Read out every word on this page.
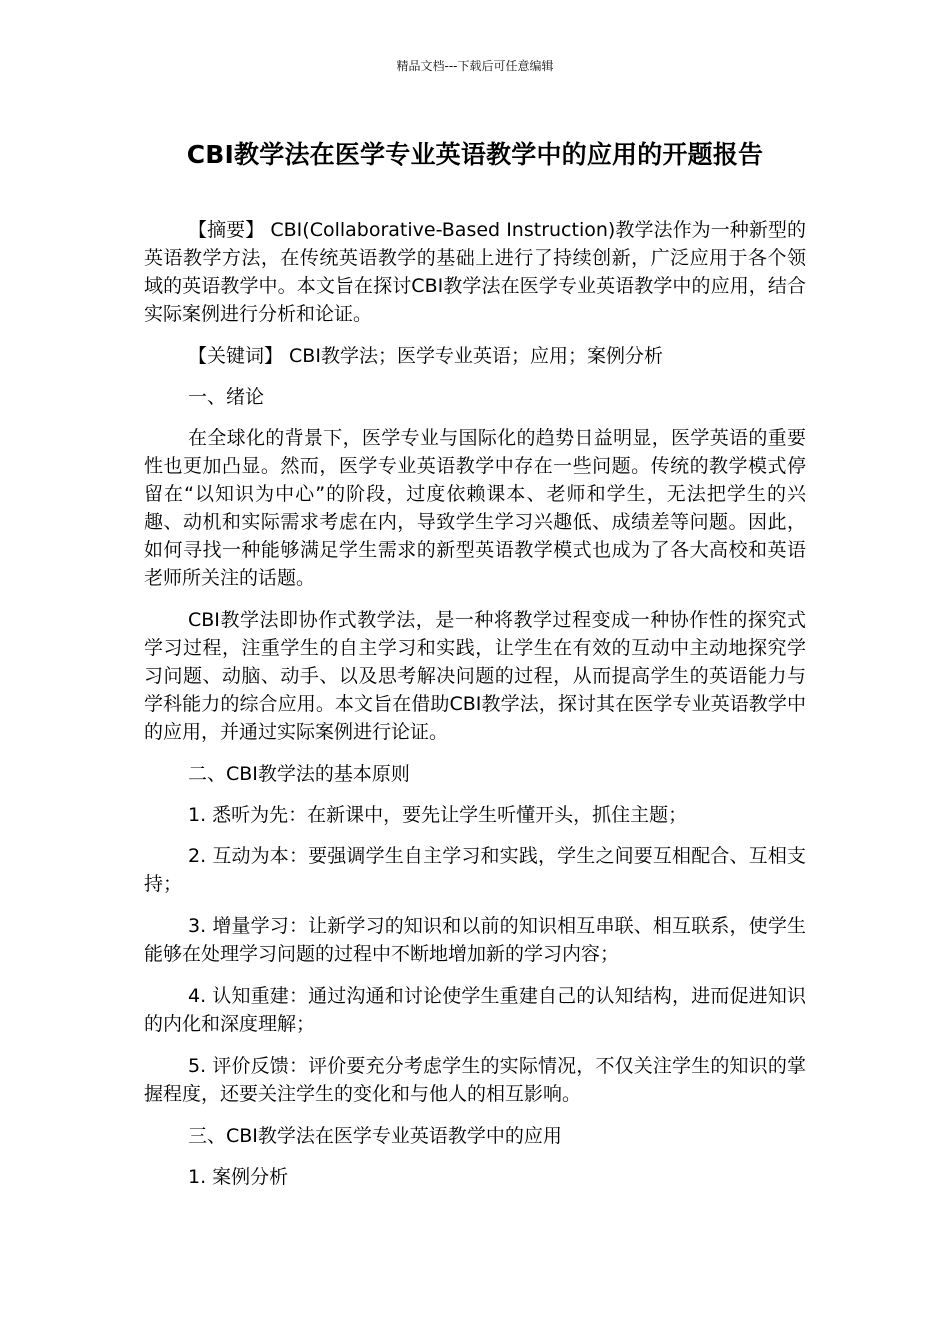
精品文档---下载后可任意编辑
CBI教学法在医学专业英语教学中的应用的开题报告

【摘要】 CBI(Collaborative-Based Instruction)教学法作为一种新型的英语教学方法，在传统英语教学的基础上进行了持续创新，广泛应用于各个领域的英语教学中。本文旨在探讨CBI教学法在医学专业英语教学中的应用，结合实际案例进行分析和论证。

【关键词】 CBI教学法；医学专业英语；应用；案例分析

一、绪论

在全球化的背景下，医学专业与国际化的趋势日益明显，医学英语的重要性也更加凸显。然而，医学专业英语教学中存在一些问题。传统的教学模式停留在“以知识为中心”的阶段，过度依赖课本、老师和学生，无法把学生的兴趣、动机和实际需求考虑在内，导致学生学习兴趣低、成绩差等问题。因此，如何寻找一种能够满足学生需求的新型英语教学模式也成为了各大高校和英语老师所关注的话题。

CBI教学法即协作式教学法，是一种将教学过程变成一种协作性的探究式学习过程，注重学生的自主学习和实践，让学生在有效的互动中主动地探究学习问题、动脑、动手、以及思考解决问题的过程，从而提高学生的英语能力与学科能力的综合应用。本文旨在借助CBI教学法，探讨其在医学专业英语教学中的应用，并通过实际案例进行论证。

二、CBI教学法的基本原则

1. 悉听为先：在新课中，要先让学生听懂开头，抓住主题；

2. 互动为本：要强调学生自主学习和实践，学生之间要互相配合、互相支持；

3. 增量学习：让新学习的知识和以前的知识相互串联、相互联系，使学生能够在处理学习问题的过程中不断地增加新的学习内容；

4. 认知重建：通过沟通和讨论使学生重建自己的认知结构，进而促进知识的内化和深度理解；

5. 评价反馈：评价要充分考虑学生的实际情况，不仅关注学生的知识的掌握程度，还要关注学生的变化和与他人的相互影响。

三、CBI教学法在医学专业英语教学中的应用

1. 案例分析
